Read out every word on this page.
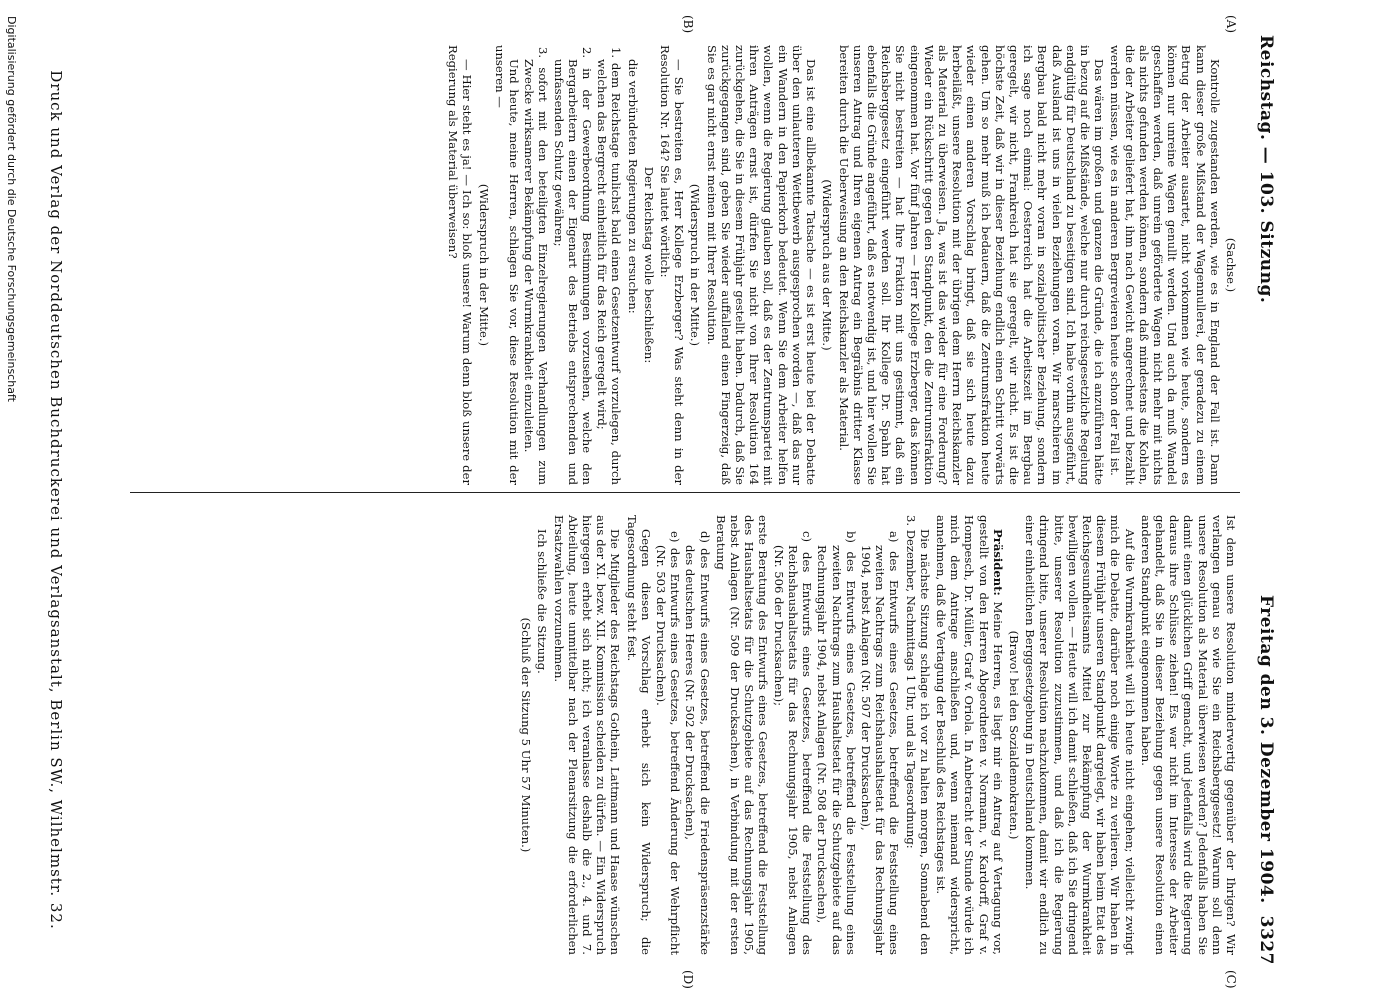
Reichstag. — 103. Sitzung.
Freitag den 3. Dezember 1904.
3327
(A)
(B)
(C)
(D)

(Sachse.)

Kontrolle zugestanden werden, wie es in England der Fall ist. Dann kann dieser große Mißstand der Wagennullerei, der geradezu zu einem Betrug der Arbeiter ausartet, nicht vorkommen wie heute, sondern es können nur unreine Wagen genullt werden. Und auch da muß Wandel geschaffen werden, daß unrein geförderte Wagen nicht mehr mit nichts als nichts gefunden werden können, sondern daß mindestens die Kohlen, die der Arbeiter geliefert hat, ihm nach Gewicht angerechnet und bezahlt werden müssen, wie es in anderen Bergrevieren heute schon der Fall ist.

Das wären im großen und ganzen die Gründe, die ich anzuführen hätte in bezug auf die Mißstände, welche nur durch reichsgesetzliche Regelung endgültig für Deutschland zu beseitigen sind. Ich habe vorhin ausgeführt, daß Ausland ist uns in vielen Beziehungen voran. Wir marschieren im Bergbau bald nicht mehr voran in sozialpolitischer Beziehung, sondern ich sage noch einmal: Oesterreich hat die Arbeitszeit im Bergbau geregelt, wir nicht, Frankreich hat sie geregelt, wir nicht. Es ist die höchste Zeit, daß wir in dieser Beziehung endlich einen Schritt vorwärts gehen. Um so mehr muß ich bedauern, daß die Zentrumsfraktion heute wieder einen anderen Vorschlag bringt, daß sie sich heute dazu herbeiläßt, unsere Resolution mit der übrigen dem Herrn Reichskanzler als Material zu überweisen. Ja, was ist das wieder für eine Forderung? Wieder ein Rückschritt gegen den Standpunkt, den die Zentrumsfraktion eingenommen hat. Vor fünf Jahren — Herr Kollege Erzberger, das können Sie nicht bestreiten — hat Ihre Fraktion mit uns gestimmt, daß ein Reichsberggesetz eingeführt werden soll. Ihr Kollege Dr. Spahn hat ebenfalls die Gründe angeführt, daß es notwendig ist, und hier wollen Sie unseren Antrag und Ihren eigenen Antrag ein Begräbnis dritter Klasse bereiten durch die Ueberweisung an den Reichskanzler als Material.

(Widerspruch aus der Mitte.)

Das ist eine allbekannte Tatsache — es ist erst heute bei der Debatte über den unlauteren Wettbewerb ausgesprochen worden —, daß das nur ein Wandern in den Papierkorb bedeutet. Wenn Sie dem Arbeiter helfen wollen, wenn die Regierung glauben soll, daß es der Zentrumspartei mit ihren Anträgen ernst ist, dürfen Sie nicht von Ihrer Resolution 164 zurückgehen, die Sie in diesem Frühjahr gestellt haben. Dadurch, daß Sie zurückgegangen sind, geben Sie wieder auffallend einen Fingerzeig, daß Sie es gar nicht ernst meinen mit Ihrer Resolution.

(Widerspruch in der Mitte.)

— Sie bestreiten es, Herr Kollege Erzberger? Was steht denn in der Resolution Nr. 164? Sie lautet wörtlich:

Der Reichstag wolle beschließen:

die verbündeten Regierungen zu ersuchen:

1. dem Reichstage tunlichst bald einen Gesetzentwurf vorzulegen, durch welchen das Bergrecht einheitlich für das Reich geregelt wird;

2. in der Gewerbeordnung Bestimmungen vorzusehen, welche den Bergarbeitern einen der Eigenart des Betriebs entsprechenden und umfassenden Schutz gewähren;

3. sofort mit den beteiligten Einzelregierungen Verhandlungen zum Zwecke wirksamerer Bekämpfung der Wurmkrankheit einzuleiten.

Und heute, meine Herren, schlagen Sie vor, diese Resolution mit der unseren —

(Widerspruch in der Mitte.)

— Hier steht es ja! — Ich so: bloß unsere! Warum denn bloß unsere der Regierung als Material überweisen?

Ist denn unsere Resolution minderwertig gegenüber der Ihrigen? Wir verlangen genau so wie Sie ein Reichsberggesetz! Warum soll denn unsere Resolution als Material überwiesen werden? Jedenfalls haben Sie damit einen glücklichen Griff gemacht, und jedenfalls wird die Regierung daraus ihre Schlüsse ziehen! Es war nicht im Interesse der Arbeiter gehandelt, daß Sie in dieser Beziehung gegen unsere Resolution einen anderen Standpunkt eingenommen haben.

Auf die Wurmkrankheit will ich heute nicht eingehen; vielleicht zwingt mich die Debatte, darüber noch einige Worte zu verlieren. Wir haben in diesem Frühjahr unseren Standpunkt dargelegt, wir haben beim Etat des Reichsgesundheitsamts Mittel zur Bekämpfung der Wurmkrankheit bewilligen wollen. — Heute will ich damit schließen, daß ich Sie dringend bitte, unserer Resolution zuzustimmen, und daß ich die Regierung dringend bitte, unserer Resolution nachzukommen, damit wir endlich zu einer einheitlichen Berggesetzgebung in Deutschland kommen.

(Bravo! bei den Sozialdemokraten.)

Präsident: Meine Herren, es liegt mir ein Antrag auf Vertagung vor, gestellt von den Herren Abgeordneten v. Normann, v. Kardorff, Graf v. Hompesch, Dr. Müller, Graf v. Oriola. In Anbetracht der Stunde würde ich mich dem Antrage anschließen und, wenn niemand widerspricht, annehmen, daß die Vertagung der Beschluß des Reichstages ist.

Die nächste Sitzung schlage ich vor zu halten morgen, Sonnabend den 3. Dezember, Nachmittags 1 Uhr, und als Tagesordnung:

a) des Entwurfs eines Gesetzes, betreffend die Feststellung eines zweiten Nachtrags zum Reichshaushaltsetat für das Rechnungsjahr 1904, nebst Anlagen (Nr. 507 der Drucksachen),

b) des Entwurfs eines Gesetzes, betreffend die Feststellung eines zweiten Nachtrags zum Haushaltsetat für die Schutzgebiete auf das Rechnungsjahr 1904, nebst Anlagen (Nr. 508 der Drucksachen),

c) des Entwurfs eines Gesetzes, betreffend die Feststellung des Reichshaushaltsetats für das Rechnungsjahr 1905, nebst Anlagen (Nr. 506 der Drucksachen);

erste Beratung des Entwurfs eines Gesetzes, betreffend die Feststellung des Haushaltsetats für die Schutzgebiete auf das Rechnungsjahr 1905, nebst Anlagen (Nr. 509 der Drucksachen), in Verbindung mit der ersten Beratung

d) des Entwurfs eines Gesetzes, betreffend die Friedenspräsenzstärke des deutschen Heeres (Nr. 502 der Drucksachen),

e) des Entwurfs eines Gesetzes, betreffend Änderung der Wehrpflicht (Nr. 503 der Drucksachen).

Gegen diesen Vorschlag erhebt sich kein Widerspruch; die Tagesordnung steht fest.

Die Mitglieder des Reichstags Gothein, Lattmann und Haase wünschen aus der XI. bezw. XII. Kommission scheiden zu dürfen. — Ein Widerspruch hiergegen erhebt sich nicht; ich veranlasse deshalb die 2., 4. und 7. Abteilung, heute unmittelbar nach der Plenarsitzung die erforderlichen Ersatzwahlen vorzunehmen.

Ich schließe die Sitzung.

(Schluß der Sitzung 5 Uhr 57 Minuten.)

Druck und Verlag der Norddeutschen Buchdruckerei und Verlagsanstalt, Berlin SW., Wilhelmstr. 32.
Digitalisierung gefördert durch die Deutsche Forschungsgemeinschaft
